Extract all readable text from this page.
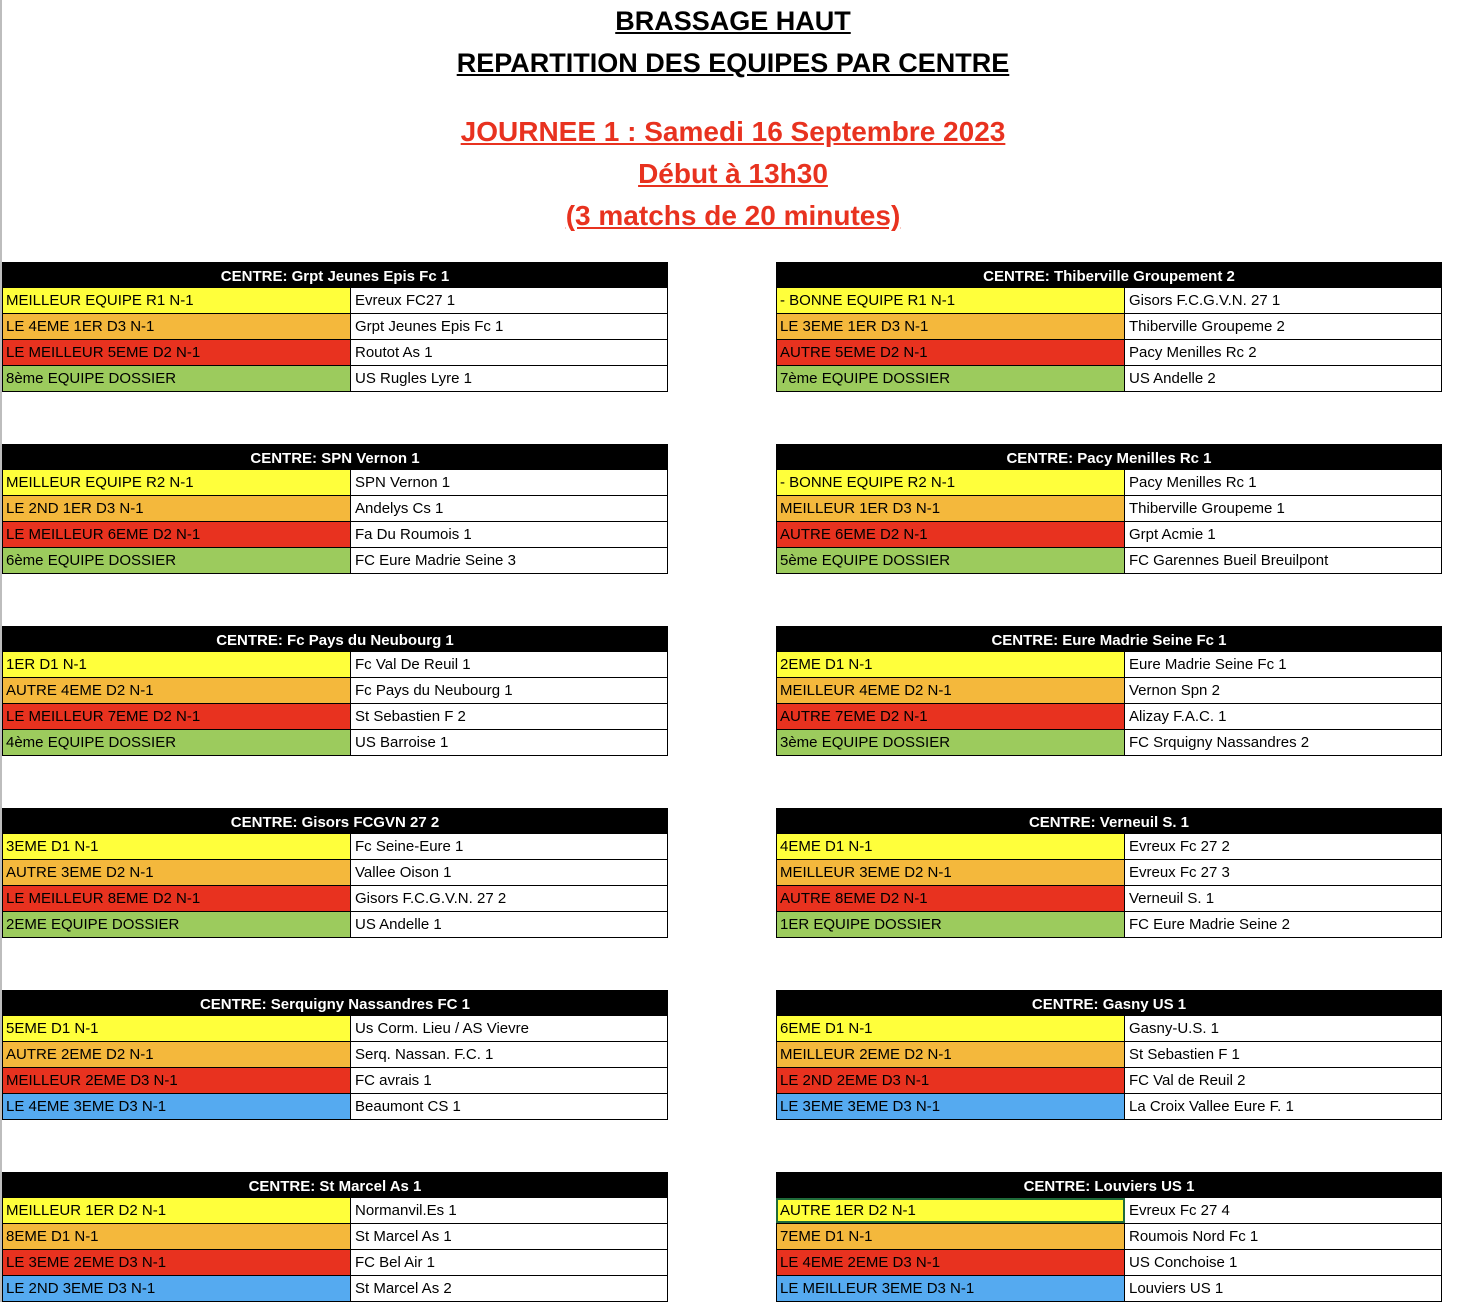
BRASSAGE HAUT
REPARTITION DES EQUIPES PAR CENTRE
JOURNEE 1 : Samedi 16 Septembre 2023
Début à 13h30
(3 matchs de 20 minutes)
CENTRE: Grpt Jeunes Epis Fc 1
MEILLEUR EQUIPE R1 N-1	Evreux FC27 1
LE 4EME 1ER D3 N-1	Grpt Jeunes Epis Fc 1
LE MEILLEUR 5EME D2 N-1	Routot As 1
8ème EQUIPE DOSSIER	US Rugles Lyre 1
CENTRE: Thiberville Groupement 2
- BONNE EQUIPE R1 N-1	Gisors F.C.G.V.N. 27 1
LE 3EME 1ER D3 N-1	Thiberville Groupeme 2
AUTRE 5EME D2 N-1	Pacy Menilles Rc 2
7ème EQUIPE DOSSIER	US Andelle 2
CENTRE: SPN Vernon 1
MEILLEUR EQUIPE R2 N-1	SPN Vernon 1
LE 2ND 1ER D3 N-1	Andelys Cs 1
LE MEILLEUR 6EME D2 N-1	Fa Du Roumois 1
6ème EQUIPE DOSSIER	FC Eure Madrie Seine 3
CENTRE: Pacy Menilles Rc 1
- BONNE EQUIPE R2 N-1	Pacy Menilles Rc 1
MEILLEUR 1ER D3 N-1	Thiberville Groupeme 1
AUTRE 6EME D2 N-1	Grpt Acmie 1
5ème EQUIPE DOSSIER	FC Garennes Bueil Breuilpont
CENTRE: Fc Pays du Neubourg 1
1ER D1 N-1	Fc Val De Reuil 1
AUTRE 4EME D2 N-1	Fc Pays du Neubourg 1
LE MEILLEUR 7EME D2 N-1	St Sebastien F 2
4ème EQUIPE DOSSIER	US Barroise 1
CENTRE: Eure Madrie Seine Fc 1
2EME D1 N-1	Eure Madrie Seine Fc 1
MEILLEUR 4EME D2 N-1	Vernon Spn 2
AUTRE 7EME D2 N-1	Alizay F.A.C. 1
3ème EQUIPE DOSSIER	FC Srquigny Nassandres 2
CENTRE: Gisors FCGVN 27 2
3EME D1 N-1	Fc Seine-Eure 1
AUTRE 3EME D2 N-1	Vallee Oison 1
LE MEILLEUR 8EME D2 N-1	Gisors F.C.G.V.N. 27 2
2EME EQUIPE DOSSIER	US Andelle 1
CENTRE: Verneuil S. 1
4EME D1 N-1	Evreux Fc 27 2
MEILLEUR 3EME D2 N-1	Evreux Fc 27 3
AUTRE 8EME D2 N-1	Verneuil S. 1
1ER EQUIPE DOSSIER	FC Eure Madrie Seine 2
CENTRE: Serquigny Nassandres FC 1
5EME D1 N-1	Us Corm. Lieu / AS Vievre
AUTRE 2EME D2 N-1	Serq. Nassan. F.C. 1
MEILLEUR 2EME D3 N-1	FC avrais 1
LE 4EME 3EME D3 N-1	Beaumont CS 1
CENTRE: Gasny US 1
6EME D1 N-1	Gasny-U.S. 1
MEILLEUR 2EME D2 N-1	St Sebastien F 1
LE 2ND 2EME D3 N-1	FC Val de Reuil 2
LE 3EME 3EME D3 N-1	La Croix Vallee Eure F. 1
CENTRE: St Marcel As 1
MEILLEUR 1ER D2 N-1	Normanvil.Es 1
8EME D1 N-1	St Marcel As 1
LE 3EME 2EME D3 N-1	FC Bel Air 1
LE 2ND 3EME D3 N-1	St Marcel As 2
CENTRE: Louviers US 1
AUTRE 1ER D2 N-1	Evreux Fc 27 4
7EME D1 N-1	Roumois Nord Fc 1
LE 4EME 2EME D3 N-1	US Conchoise 1
LE MEILLEUR 3EME D3 N-1	Louviers US 1
